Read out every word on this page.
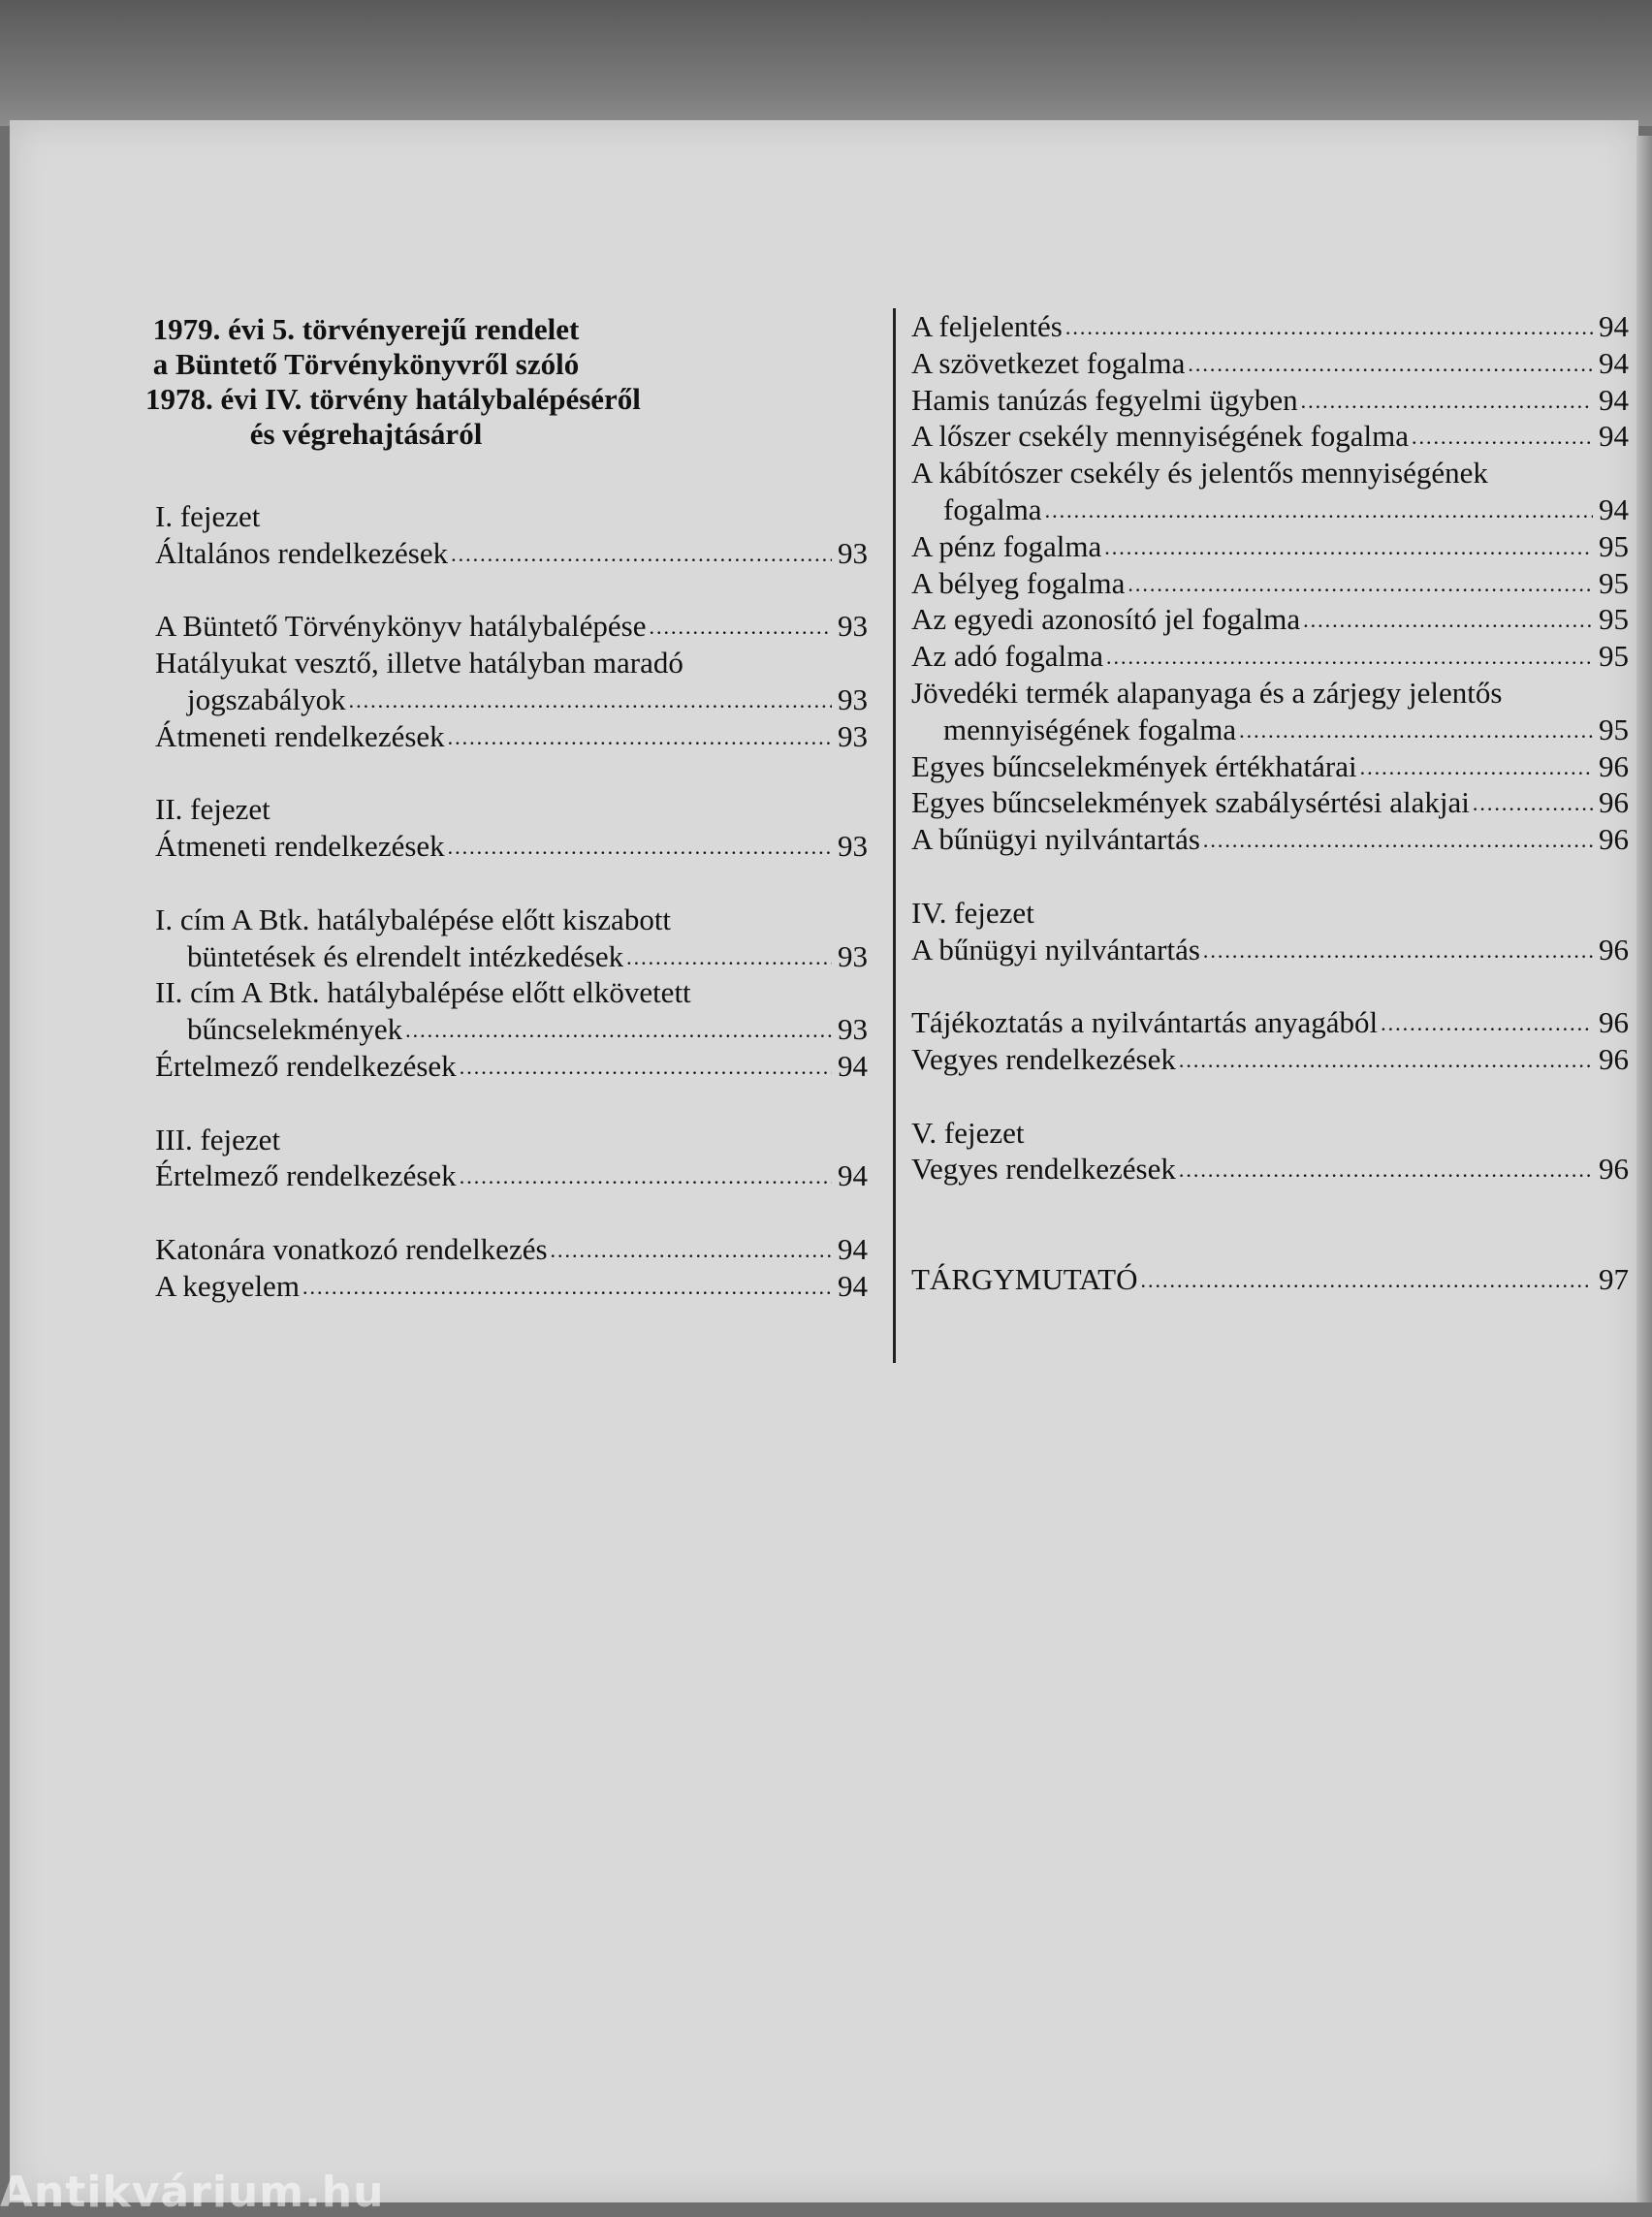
1979. évi 5. törvényerejű rendelet
a Büntető Törvénykönyvről szóló
1978. évi IV. törvény hatálybalépéséről
és végrehajtásáról
I. fejezet
Általános rendelkezések .....	93
A Büntető Törvénykönyv hatálybalépése .....	93
Hatályukat vesztő, illetve hatályban maradó
jogszabályok .....	93
Átmeneti rendelkezések .....	93
II. fejezet
Átmeneti rendelkezések .....	93
I. cím A Btk. hatálybalépése előtt kiszabott
büntetések és elrendelt intézkedések .....	93
II. cím A Btk. hatálybalépése előtt elkövetett
bűncselekmények .....	93
Értelmező rendelkezések .....	94
III. fejezet
Értelmező rendelkezések .....	94
Katonára vonatkozó rendelkezés .....	94
A kegyelem .....	94
A feljelentés .....	94
A szövetkezet fogalma .....	94
Hamis tanúzás fegyelmi ügyben .....	94
A lőszer csekély mennyiségének fogalma .....	94
A kábítószer csekély és jelentős mennyiségének
fogalma .....	94
A pénz fogalma .....	95
A bélyeg fogalma .....	95
Az egyedi azonosító jel fogalma .....	95
Az adó fogalma .....	95
Jövedéki termék alapanyaga és a zárjegy jelentős
mennyiségének fogalma .....	95
Egyes bűncselekmények értékhatárai .....	96
Egyes bűncselekmények szabálysértési alakjai .....	96
A bűnügyi nyilvántartás .....	96
IV. fejezet
A bűnügyi nyilvántartás .....	96
Tájékoztatás a nyilvántartás anyagából .....	96
Vegyes rendelkezések .....	96
V. fejezet
Vegyes rendelkezések .....	96
TÁRGYMUTATÓ .....	97
Antikvárium.hu
